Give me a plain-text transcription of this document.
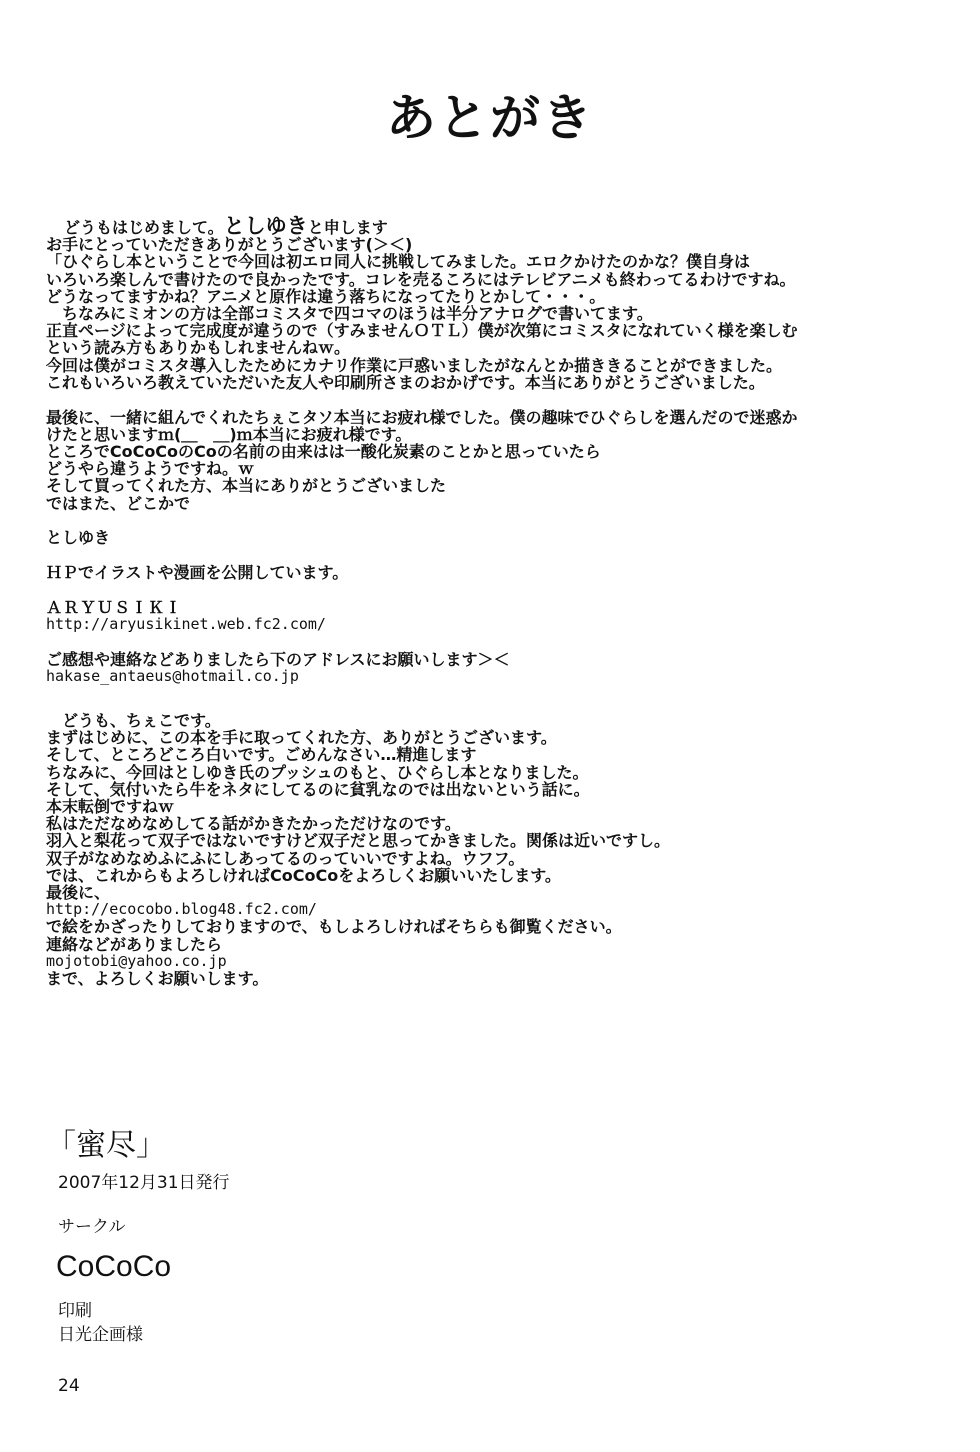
あとがき
どうもはじめまして。としゆきと申します
お手にとっていただきありがとうございます(＞＜)
「ひぐらし本ということで今回は初エロ同人に挑戦してみました。エロクかけたのかな？僕自身は
いろいろ楽しんで書けたので良かったです。コレを売るころにはテレビアニメも終わってるわけですね。
どうなってますかね？アニメと原作は違う落ちになってたりとかして・・・。
　ちなみにミオンの方は全部コミスタで四コマのほうは半分アナログで書いてます。
正直ページによって完成度が違うので（すみませんＯＴＬ）僕が次第にコミスタになれていく様を楽しむ
という読み方もありかもしれませんねｗ。
今回は僕がコミスタ導入したためにカナリ作業に戸惑いましたがなんとか描ききることができました。
これもいろいろ教えていただいた友人や印刷所さまのおかげです。本当にありがとうございました。
最後に、一緒に組んでくれたちぇこタソ本当にお疲れ様でした。僕の趣味でひぐらしを選んだので迷惑か
けたと思いますｍ(＿　＿)ｍ本当にお疲れ様です。
ところでCoCoCoのCoの名前の由来はは一酸化炭素のことかと思っていたら
どうやら違うようですね。ｗ
そして買ってくれた方、本当にありがとうございました
ではまた、どこかで
としゆき
ＨＰでイラストや漫画を公開しています。
ＡＲＹＵＳＩＫＩ
http://aryusikinet.web.fc2.com/
ご感想や連絡などありましたら下のアドレスにお願いします＞＜
hakase_antaeus@hotmail.co.jp
　どうも、ちぇこです。
まずはじめに、この本を手に取ってくれた方、ありがとうございます。
そして、ところどころ白いです。ごめんなさい…精進します
ちなみに、今回はとしゆき氏のプッシュのもと、ひぐらし本となりました。
そして、気付いたら牛をネタにしてるのに貧乳なのでは出ないという話に。
本末転倒ですねｗ
私はただなめなめしてる話がかきたかっただけなのです。
羽入と梨花って双子ではないですけど双子だと思ってかきました。関係は近いですし。
双子がなめなめふにふにしあってるのっていいですよね。ウフフ。
では、これからもよろしければCoCoCoをよろしくお願いいたします。
最後に、
http://ecocobo.blog48.fc2.com/
で絵をかざったりしておりますので、もしよろしければそちらも御覧ください。
連絡などがありましたら
mojotobi@yahoo.co.jp
まで、よろしくお願いします。
「蜜尽」
2007年12月31日発行
サークル
CoCoCo
印刷
日光企画様
24
